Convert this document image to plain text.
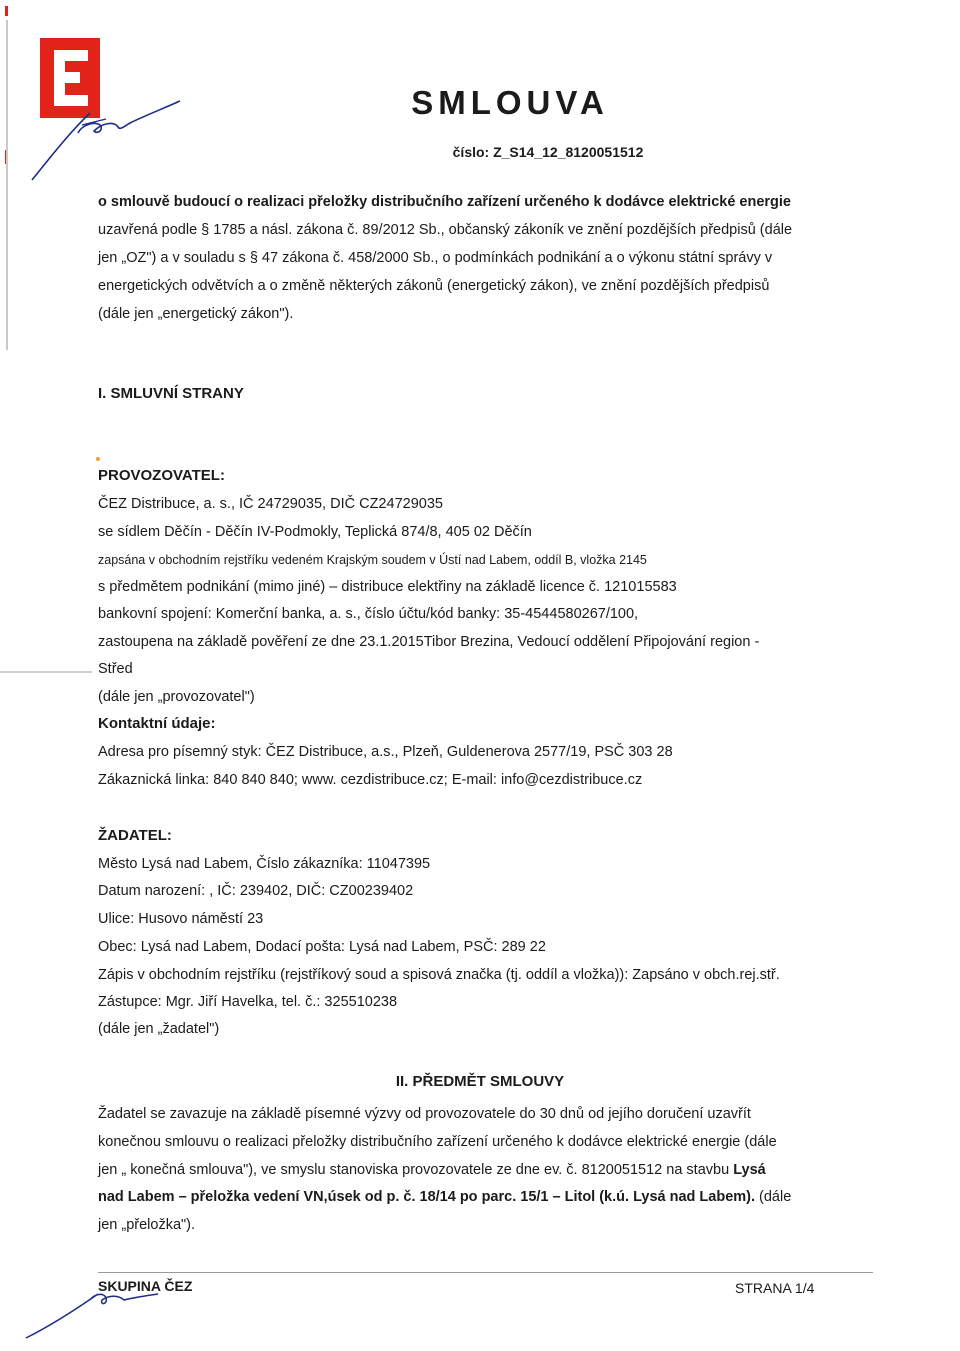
SMLOUVA
číslo: Z_S14_12_8120051512
o smlouvě budoucí o realizaci přeložky distribučního zařízení určeného k dodávce elektrické energie
uzavřená podle § 1785 a násl. zákona č. 89/2012 Sb., občanský zákoník ve znění pozdějších předpisů (dále
jen „OZ") a v souladu s § 47 zákona č. 458/2000 Sb., o podmínkách podnikání a o výkonu státní správy v
energetických odvětvích a o změně některých zákonů (energetický zákon), ve znění pozdějších předpisů
(dále jen „energetický zákon").
I. SMLUVNÍ STRANY
PROVOZOVATEL:
ČEZ Distribuce, a. s., IČ 24729035, DIČ CZ24729035
se sídlem Děčín - Děčín IV-Podmokly, Teplická 874/8, 405 02 Děčín
zapsána v obchodním rejstříku vedeném Krajským soudem v Ústí nad Labem, oddíl B, vložka 2145
s předmětem podnikání (mimo jiné) – distribuce elektřiny na základě licence č. 121015583
bankovní spojení: Komerční banka, a. s., číslo účtu/kód banky: 35-4544580267/100,
zastoupena na základě pověření ze dne 23.1.2015Tibor Brezina, Vedoucí oddělení Připojování region -
Střed
(dále jen „provozovatel")
Kontaktní údaje:
Adresa pro písemný styk: ČEZ Distribuce, a.s., Plzeň, Guldenerova 2577/19, PSČ 303 28
Zákaznická linka: 840 840 840; www. cezdistribuce.cz; E-mail: info@cezdistribuce.cz
ŽADATEL:
Město Lysá nad Labem, Číslo zákazníka: 11047395
Datum narození: , IČ: 239402, DIČ: CZ00239402
Ulice: Husovo náměstí 23
Obec: Lysá nad Labem, Dodací pošta: Lysá nad Labem, PSČ: 289 22
Zápis v obchodním rejstříku (rejstříkový soud a spisová značka (tj. oddíl a vložka)): Zapsáno v obch.rej.stř.
Zástupce: Mgr. Jiří Havelka, tel. č.: 325510238
(dále jen „žadatel")
II. PŘEDMĚT SMLOUVY
Žadatel se zavazuje na základě písemné výzvy od provozovatele do 30 dnů od jejího doručení uzavřít
konečnou smlouvu o realizaci přeložky distribučního zařízení určeného k dodávce elektrické energie (dále
jen „ konečná smlouva"), ve smyslu stanoviska provozovatele ze dne ev. č. 8120051512 na stavbu Lysá
nad Labem – přeložka vedení VN,úsek od p. č. 18/14 po parc. 15/1 – Litol (k.ú. Lysá nad Labem). (dále
jen „přeložka").
SKUPINA ČEZ	STRANA 1/4
